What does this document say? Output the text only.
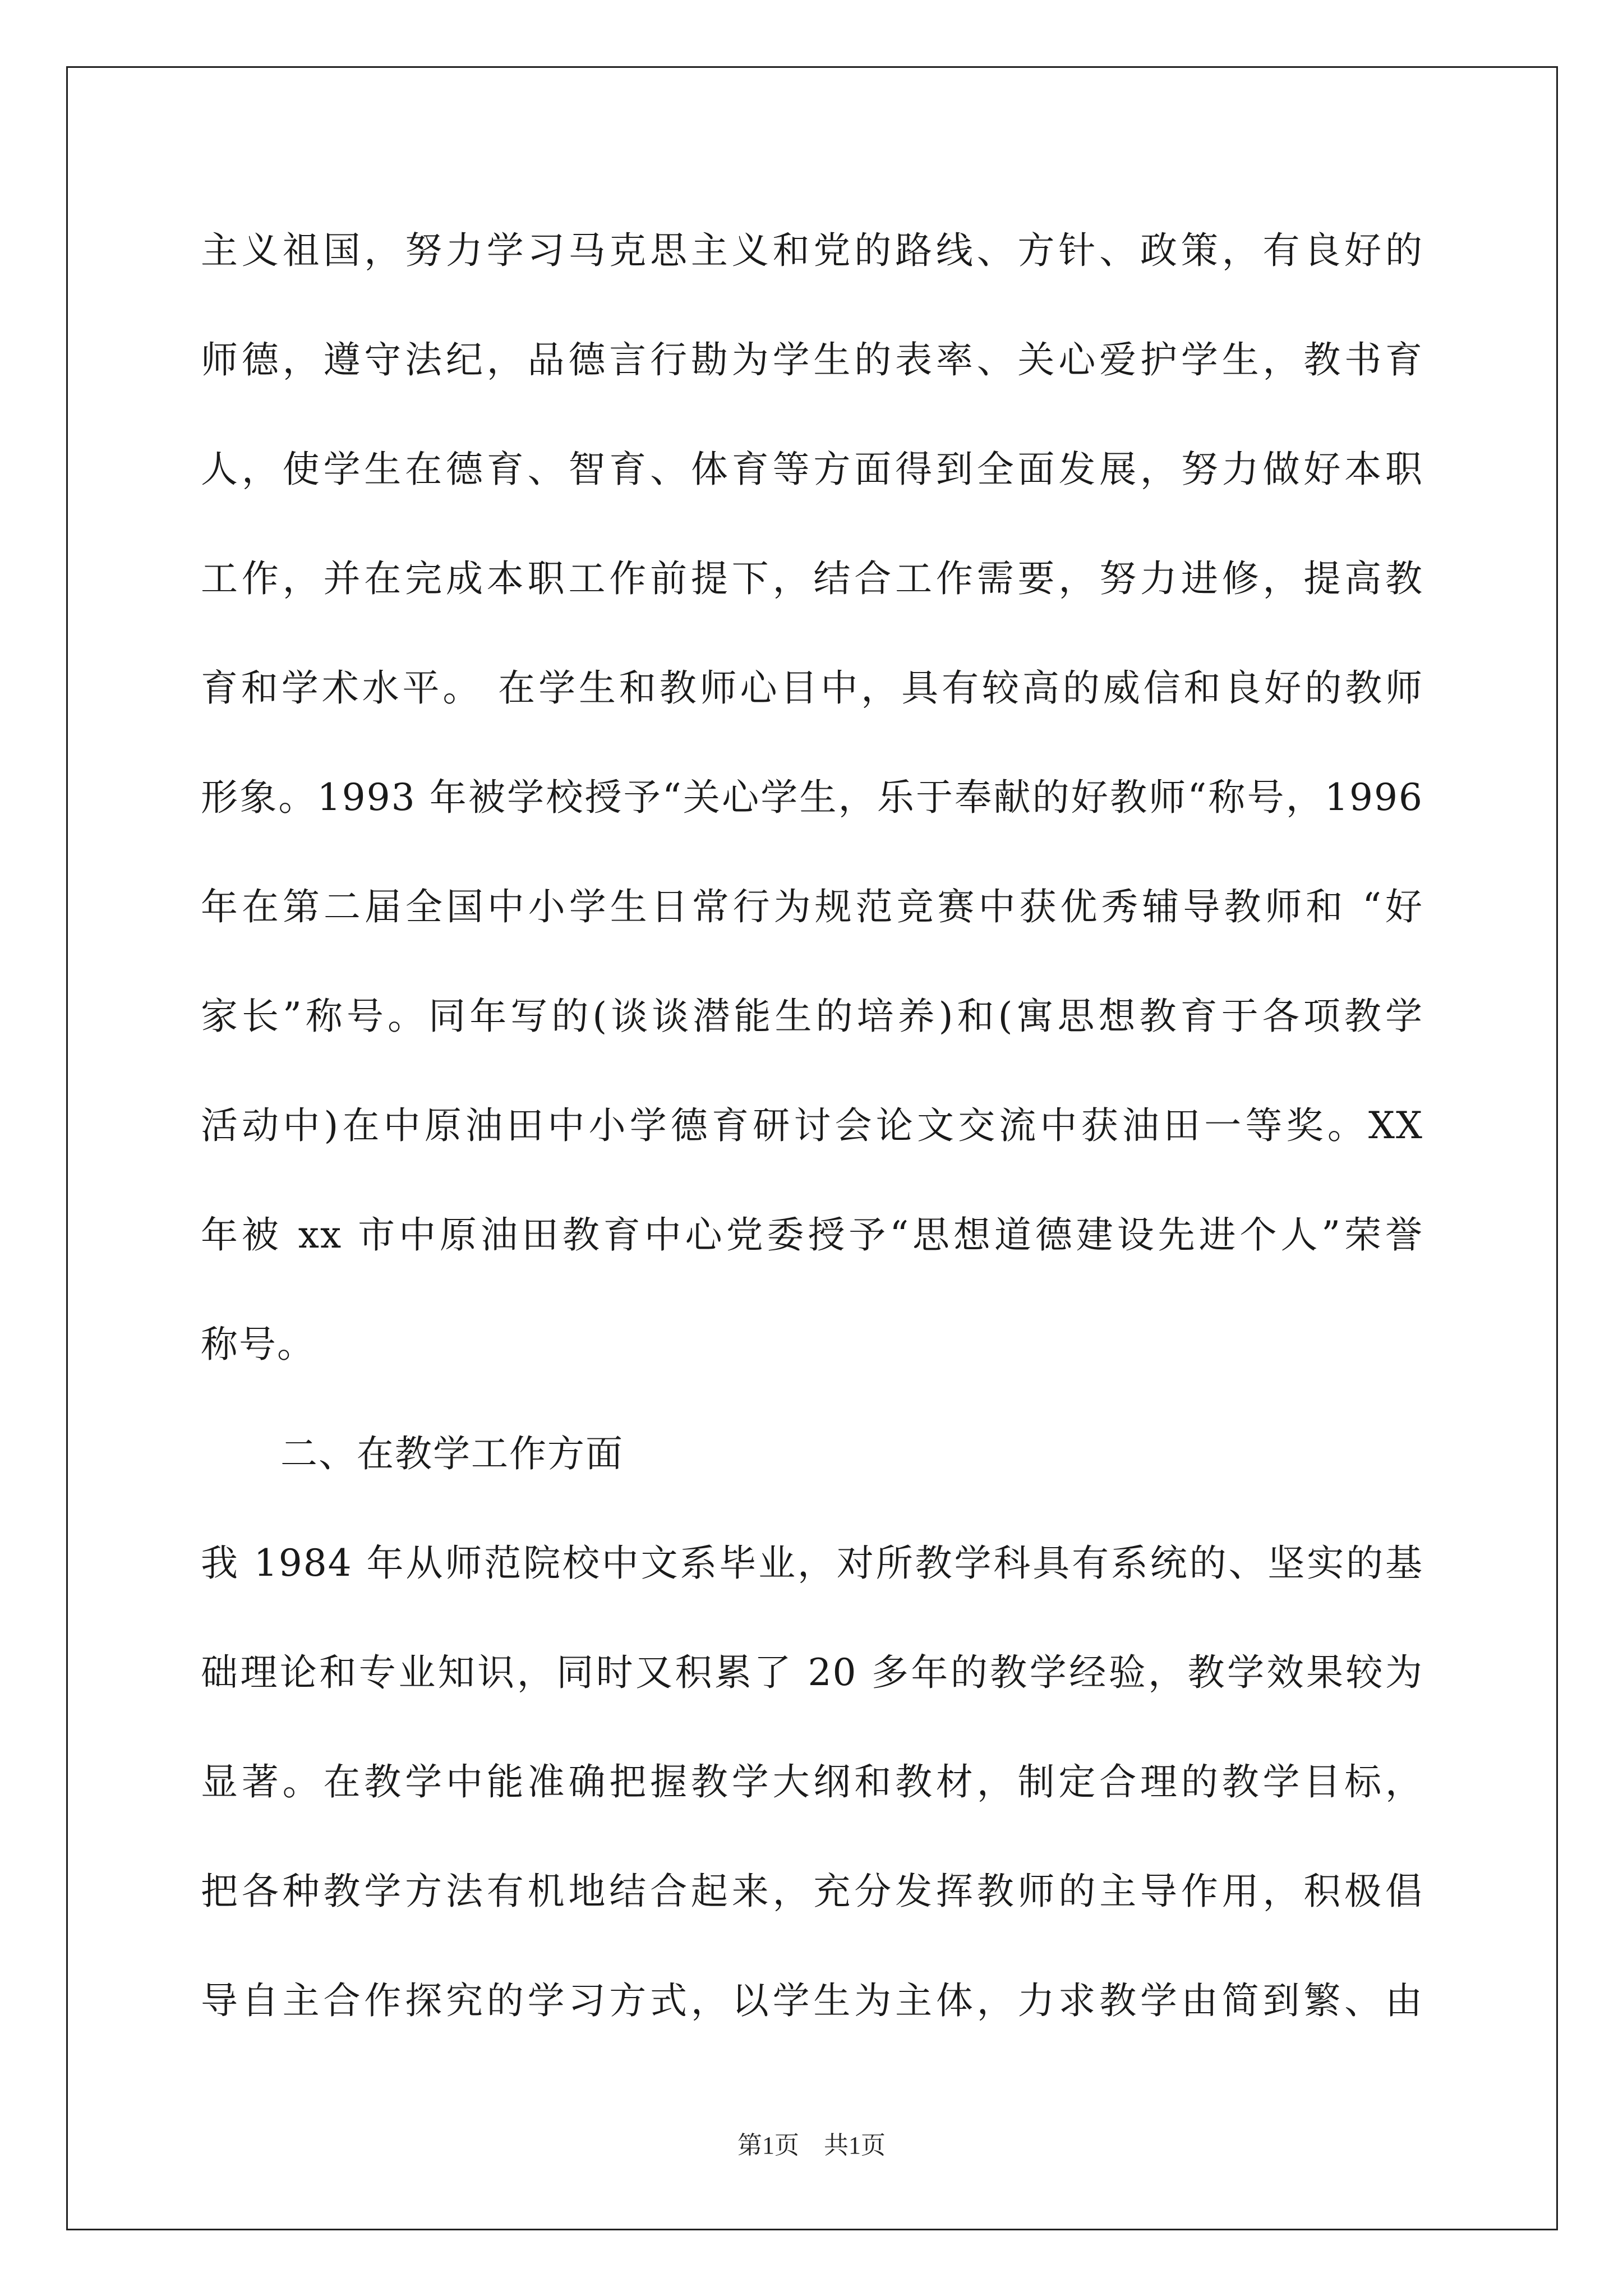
主义祖国，努力学习马克思主义和党的路线、方针、政策，有良好的
师德，遵守法纪，品德言行勘为学生的表率、关心爱护学生，教书育
人，使学生在德育、智育、体育等方面得到全面发展，努力做好本职
工作，并在完成本职工作前提下，结合工作需要，努力进修，提高教
育和学术水平。 在学生和教师心目中，具有较高的威信和良好的教师
形象。1993 年被学校授予“关心学生，乐于奉献的好教师“称号，1996
年在第二届全国中小学生日常行为规范竞赛中获优秀辅导教师和 “好
家长”称号。同年写的(谈谈潜能生的培养)和(寓思想教育于各项教学
活动中)在中原油田中小学德育研讨会论文交流中获油田一等奖。XX
年被 xx 市中原油田教育中心党委授予“思想道德建设先进个人”荣誉
称号。
二、在教学工作方面
我 1984 年从师范院校中文系毕业，对所教学科具有系统的、坚实的基
础理论和专业知识，同时又积累了 20 多年的教学经验，教学效果较为
显著。在教学中能准确把握教学大纲和教材，制定合理的教学目标，
把各种教学方法有机地结合起来，充分发挥教师的主导作用，积极倡
导自主合作探究的学习方式，以学生为主体，力求教学由简到繁、由
第1页　共1页
